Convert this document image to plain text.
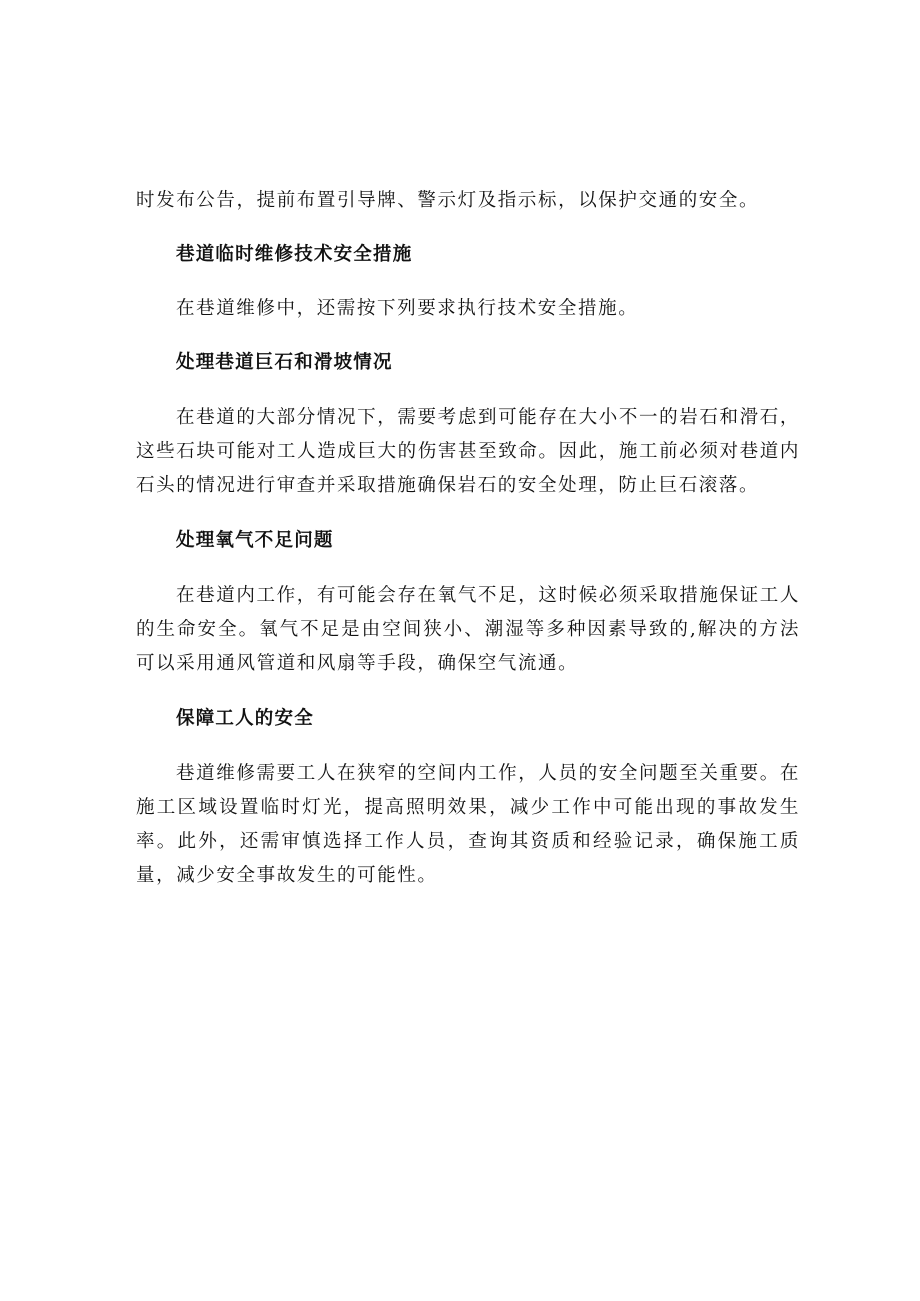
时发布公告，提前布置引导牌、警示灯及指示标，以保护交通的安全。

巷道临时维修技术安全措施

在巷道维修中，还需按下列要求执行技术安全措施。

处理巷道巨石和滑坡情况

在巷道的大部分情况下，需要考虑到可能存在大小不一的岩石和滑石，这些石块可能对工人造成巨大的伤害甚至致命。因此，施工前必须对巷道内石头的情况进行审查并采取措施确保岩石的安全处理，防止巨石滚落。

处理氧气不足问题

在巷道内工作，有可能会存在氧气不足，这时候必须采取措施保证工人的生命安全。氧气不足是由空间狭小、潮湿等多种因素导致的,解决的方法可以采用通风管道和风扇等手段，确保空气流通。

保障工人的安全

巷道维修需要工人在狭窄的空间内工作，人员的安全问题至关重要。在施工区域设置临时灯光，提高照明效果，减少工作中可能出现的事故发生率。此外，还需审慎选择工作人员，查询其资质和经验记录，确保施工质量，减少安全事故发生的可能性。
